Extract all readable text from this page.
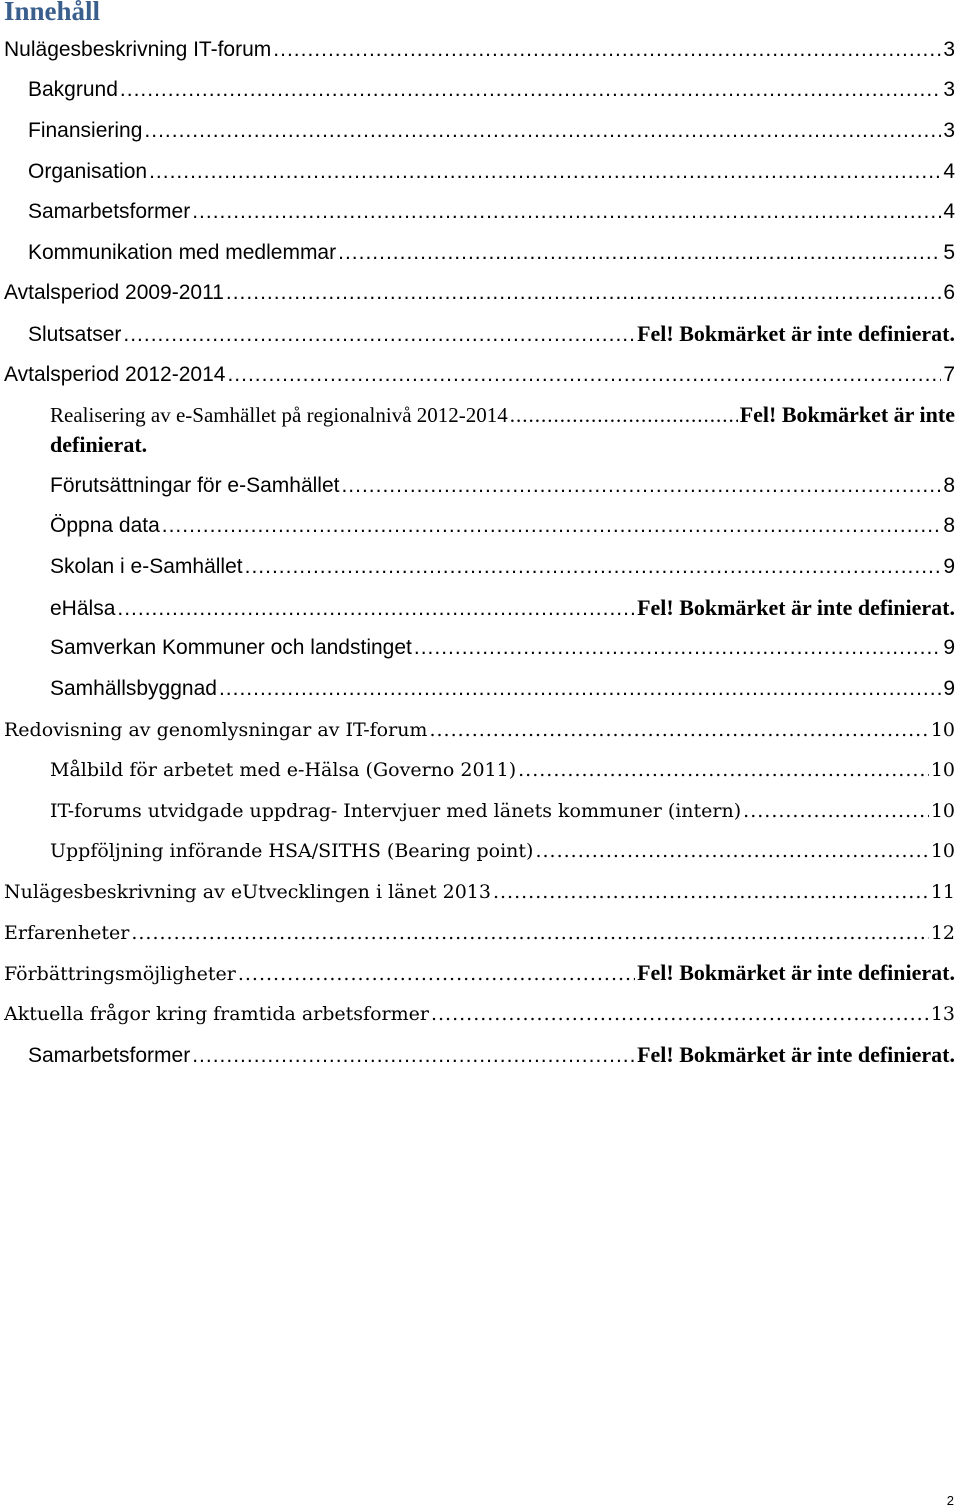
Innehåll
Nulägesbeskrivning IT-forum .....	3
Bakgrund .....	3
Finansiering .....	3
Organisation .....	4
Samarbetsformer .....	4
Kommunikation med medlemmar .....	5
Avtalsperiod 2009-2011 .....	6
Slutsatser .....	Fel! Bokmärket är inte definierat.
Avtalsperiod 2012-2014 .....	7
Realisering av e-Samhället på regionalnivå 2012-2014 .....	Fel! Bokmärket är inte
definierat.
Förutsättningar för e-Samhället .....	8
Öppna data .....	8
Skolan i e-Samhället .....	9
eHälsa .....	Fel! Bokmärket är inte definierat.
Samverkan Kommuner och landstinget .....	9
Samhällsbyggnad .....	9
Redovisning av genomlysningar av IT-forum .....	10
Målbild för arbetet med e-Hälsa (Governo 2011) .....	10
IT-forums utvidgade uppdrag- Intervjuer med länets kommuner (intern) .....	10
Uppföljning införande HSA/SITHS (Bearing point) .....	10
Nulägesbeskrivning av eUtvecklingen i länet 2013 .....	11
Erfarenheter .....	12
Förbättringsmöjligheter .....	Fel! Bokmärket är inte definierat.
Aktuella frågor kring framtida arbetsformer .....	13
Samarbetsformer .....	Fel! Bokmärket är inte definierat.
2
